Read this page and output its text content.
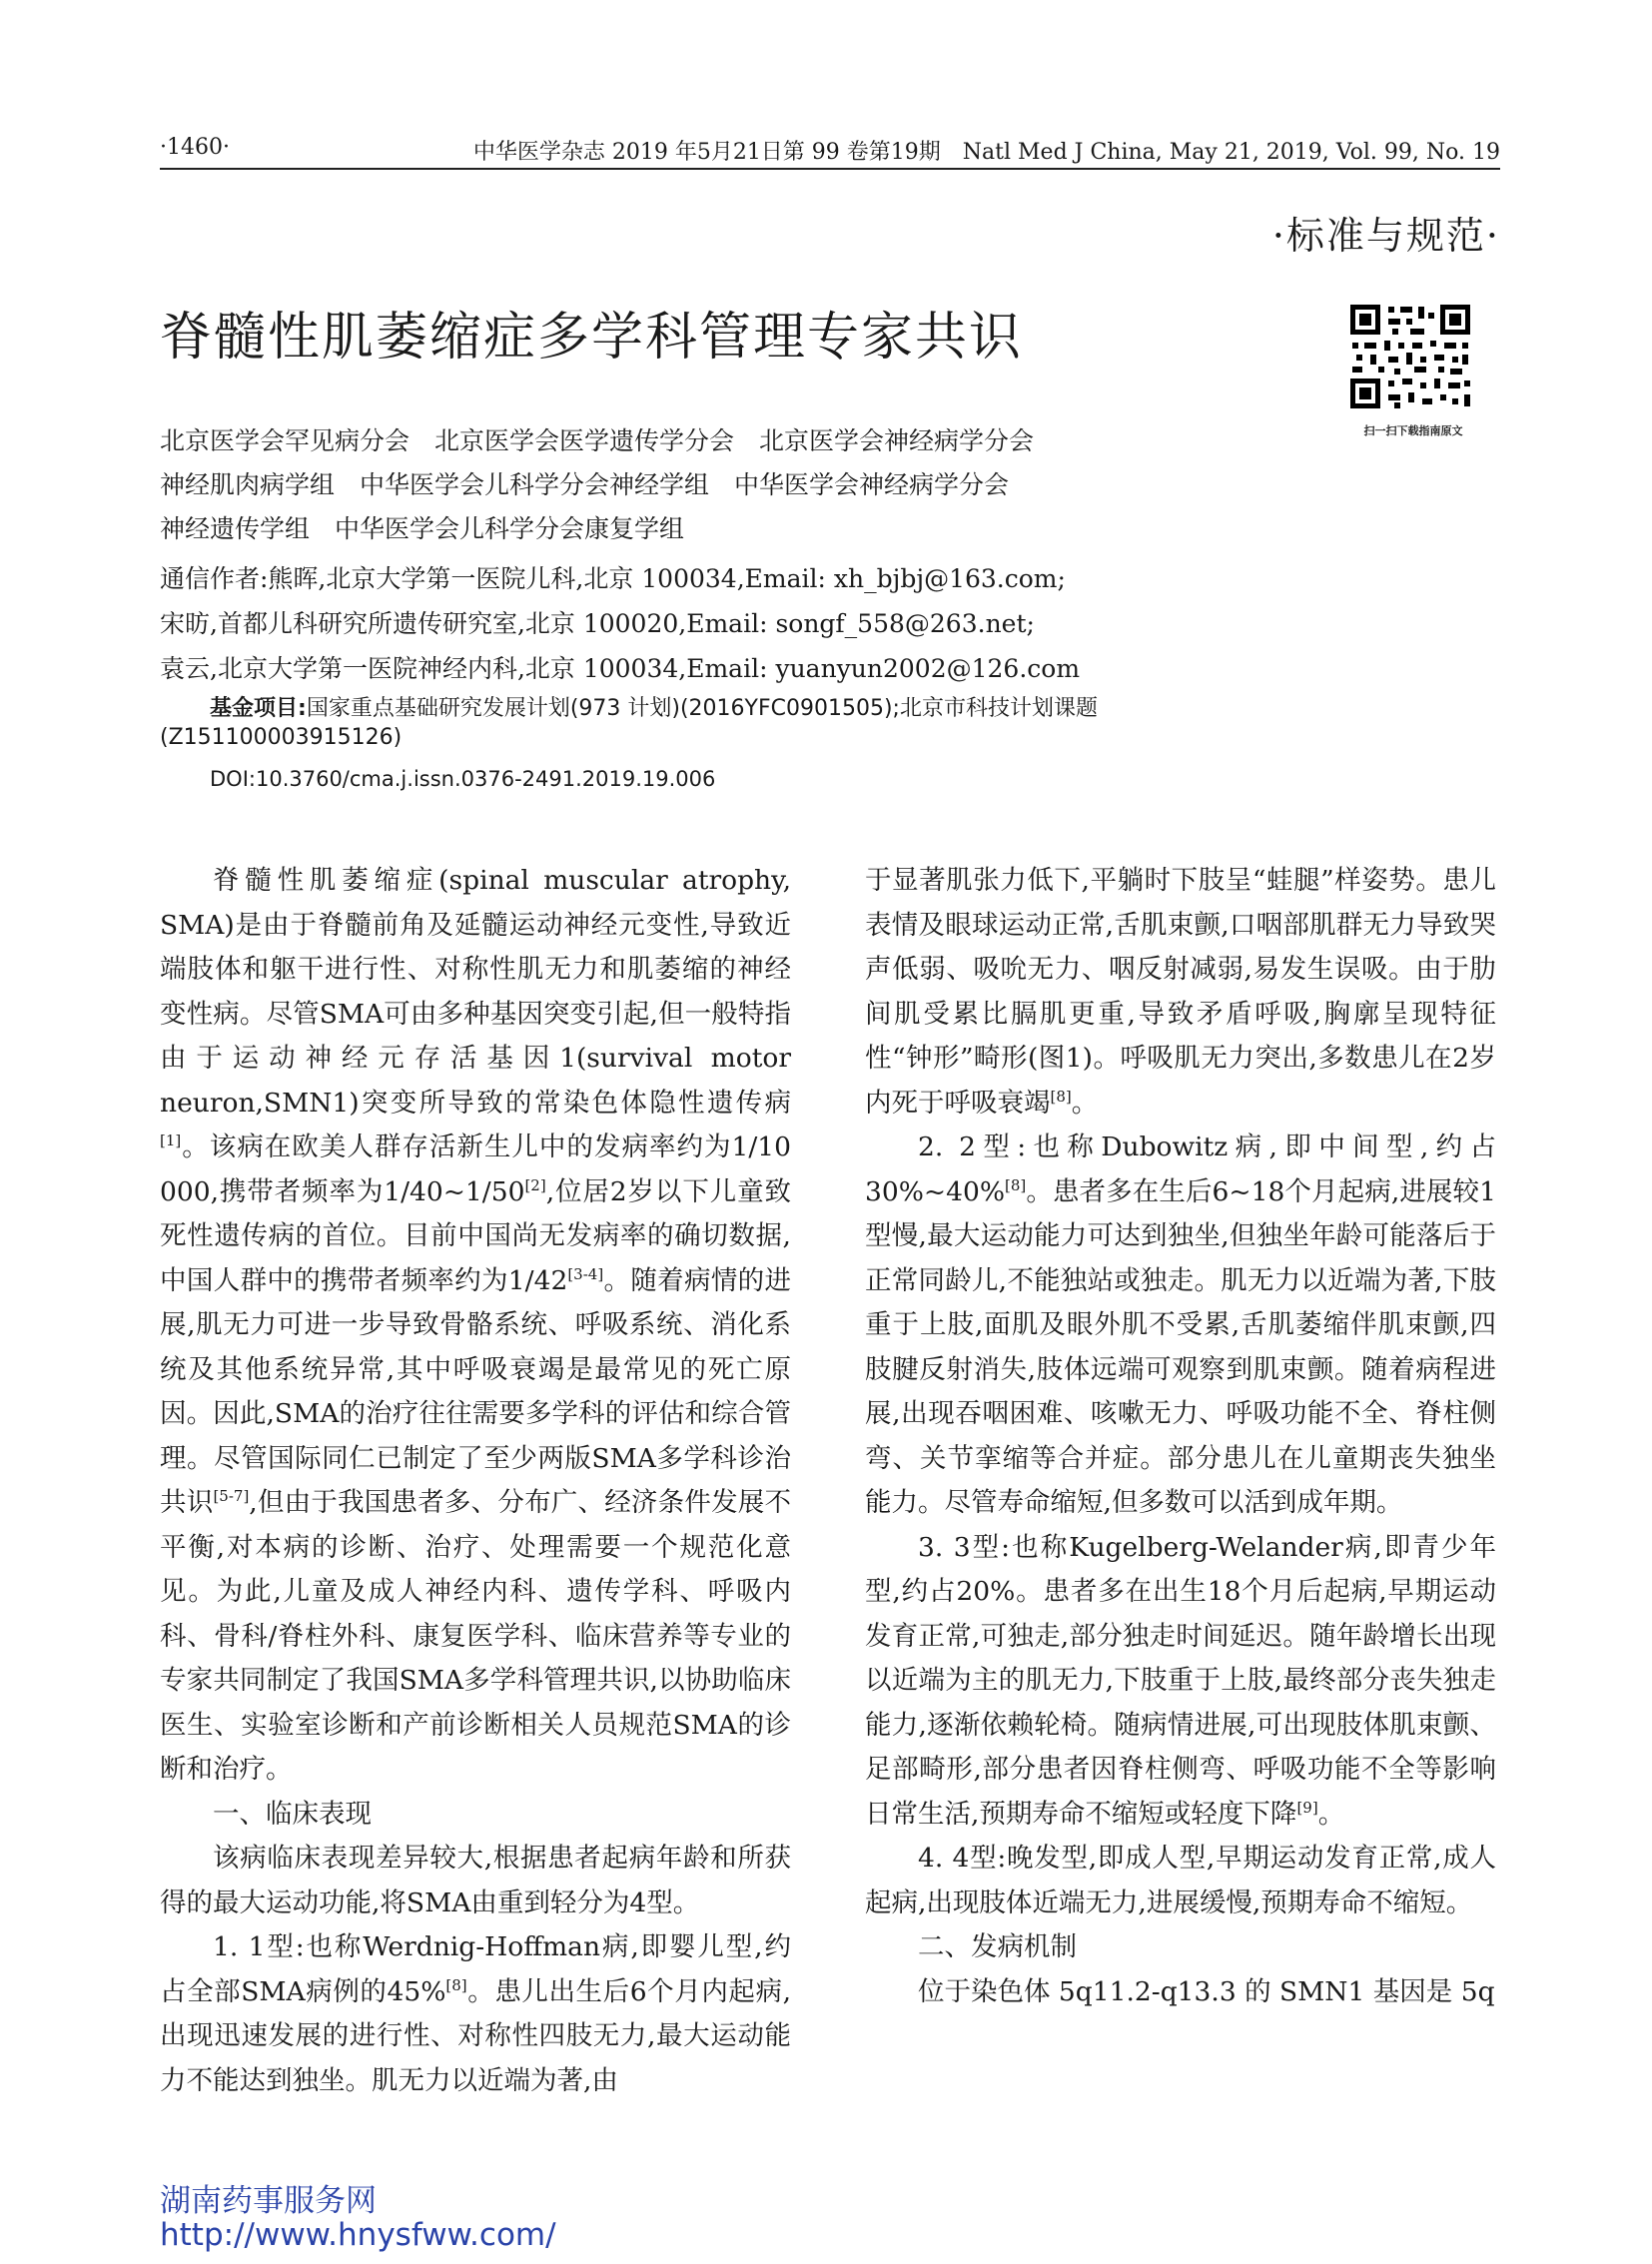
·1460·	中华医学杂志 2019 年5月21日第 99 卷第19期　Natl Med J China, May 21, 2019, Vol. 99, No. 19
·标准与规范·
脊髓性肌萎缩症多学科管理专家共识
扫一扫下载指南原文
北京医学会罕见病分会　北京医学会医学遗传学分会　北京医学会神经病学分会
神经肌肉病学组　中华医学会儿科学分会神经学组　中华医学会神经病学分会
神经遗传学组　中华医学会儿科学分会康复学组
通信作者:熊晖,北京大学第一医院儿科,北京 100034,Email: xh_bjbj@163.com;
宋昉,首都儿科研究所遗传研究室,北京 100020,Email: songf_558@263.net;
袁云,北京大学第一医院神经内科,北京 100034,Email: yuanyun2002@126.com
基金项目:国家重点基础研究发展计划(973 计划)(2016YFC0901505);北京市科技计划课题
(Z151100003915126)
DOI:10.3760/cma.j.issn.0376-2491.2019.19.006

脊髓性肌萎缩症(spinal muscular atrophy, SMA)是由于脊髓前角及延髓运动神经元变性,导致近端肢体和躯干进行性、对称性肌无力和肌萎缩的神经变性病。尽管SMA可由多种基因突变引起,但一般特指由于运动神经元存活基因1(survival motor neuron,SMN1)突变所导致的常染色体隐性遗传病[1]。该病在欧美人群存活新生儿中的发病率约为1/10 000,携带者频率为1/40~1/50[2],位居2岁以下儿童致死性遗传病的首位。目前中国尚无发病率的确切数据,中国人群中的携带者频率约为1/42[3-4]。随着病情的进展,肌无力可进一步导致骨骼系统、呼吸系统、消化系统及其他系统异常,其中呼吸衰竭是最常见的死亡原因。因此,SMA的治疗往往需要多学科的评估和综合管理。尽管国际同仁已制定了至少两版SMA多学科诊治共识[5-7],但由于我国患者多、分布广、经济条件发展不平衡,对本病的诊断、治疗、处理需要一个规范化意见。为此,儿童及成人神经内科、遗传学科、呼吸内科、骨科/脊柱外科、康复医学科、临床营养等专业的专家共同制定了我国SMA多学科管理共识,以协助临床医生、实验室诊断和产前诊断相关人员规范SMA的诊断和治疗。

一、临床表现

该病临床表现差异较大,根据患者起病年龄和所获得的最大运动功能,将SMA由重到轻分为4型。

1. 1型:也称Werdnig-Hoffman病,即婴儿型,约占全部SMA病例的45%[8]。患儿出生后6个月内起病,出现迅速发展的进行性、对称性四肢无力,最大运动能力不能达到独坐。肌无力以近端为著,由

于显著肌张力低下,平躺时下肢呈“蛙腿”样姿势。患儿表情及眼球运动正常,舌肌束颤,口咽部肌群无力导致哭声低弱、吸吮无力、咽反射减弱,易发生误吸。由于肋间肌受累比膈肌更重,导致矛盾呼吸,胸廓呈现特征性“钟形”畸形(图1)。呼吸肌无力突出,多数患儿在2岁内死于呼吸衰竭[8]。

2. 2型:也称Dubowitz病,即中间型,约占30%~40%[8]。患者多在生后6~18个月起病,进展较1型慢,最大运动能力可达到独坐,但独坐年龄可能落后于正常同龄儿,不能独站或独走。肌无力以近端为著,下肢重于上肢,面肌及眼外肌不受累,舌肌萎缩伴肌束颤,四肢腱反射消失,肢体远端可观察到肌束颤。随着病程进展,出现吞咽困难、咳嗽无力、呼吸功能不全、脊柱侧弯、关节挛缩等合并症。部分患儿在儿童期丧失独坐能力。尽管寿命缩短,但多数可以活到成年期。

3. 3型:也称Kugelberg-Welander病,即青少年型,约占20%。患者多在出生18个月后起病,早期运动发育正常,可独走,部分独走时间延迟。随年龄增长出现以近端为主的肌无力,下肢重于上肢,最终部分丧失独走能力,逐渐依赖轮椅。随病情进展,可出现肢体肌束颤、足部畸形,部分患者因脊柱侧弯、呼吸功能不全等影响日常生活,预期寿命不缩短或轻度下降[9]。

4. 4型:晚发型,即成人型,早期运动发育正常,成人起病,出现肢体近端无力,进展缓慢,预期寿命不缩短。

二、发病机制

位于染色体 5q11.2-q13.3 的 SMN1 基因是 5q

湖南药事服务网
http://www.hnysfww.com/
